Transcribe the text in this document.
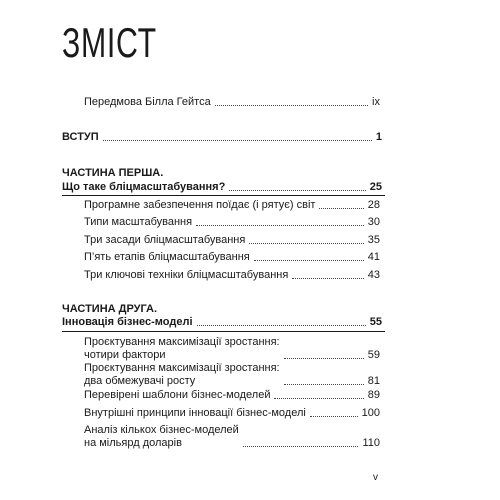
ЗМІСТ
Передмова Білла Гейтса	ix
ВСТУП	1
ЧАСТИНА ПЕРША.
Що таке бліцмасштабування?	25
Програмне забезпечення поїдає (і рятує) світ	28
Типи масштабування	30
Три засади бліцмасштабування	35
П’ять етапів бліцмасштабування	41
Три ключові техніки бліцмасштабування	43
ЧАСТИНА ДРУГА.
Інновація бізнес-моделі	55
Проєктування максимізації зростання:
чотири фактори	59
Проєктування максимізації зростання:
два обмежувачі росту	81
Перевірені шаблони бізнес-моделей	89
Внутрішні принципи інновації бізнес-моделі	100
Аналіз кількох бізнес-моделей
на мільярд доларів	110
v
